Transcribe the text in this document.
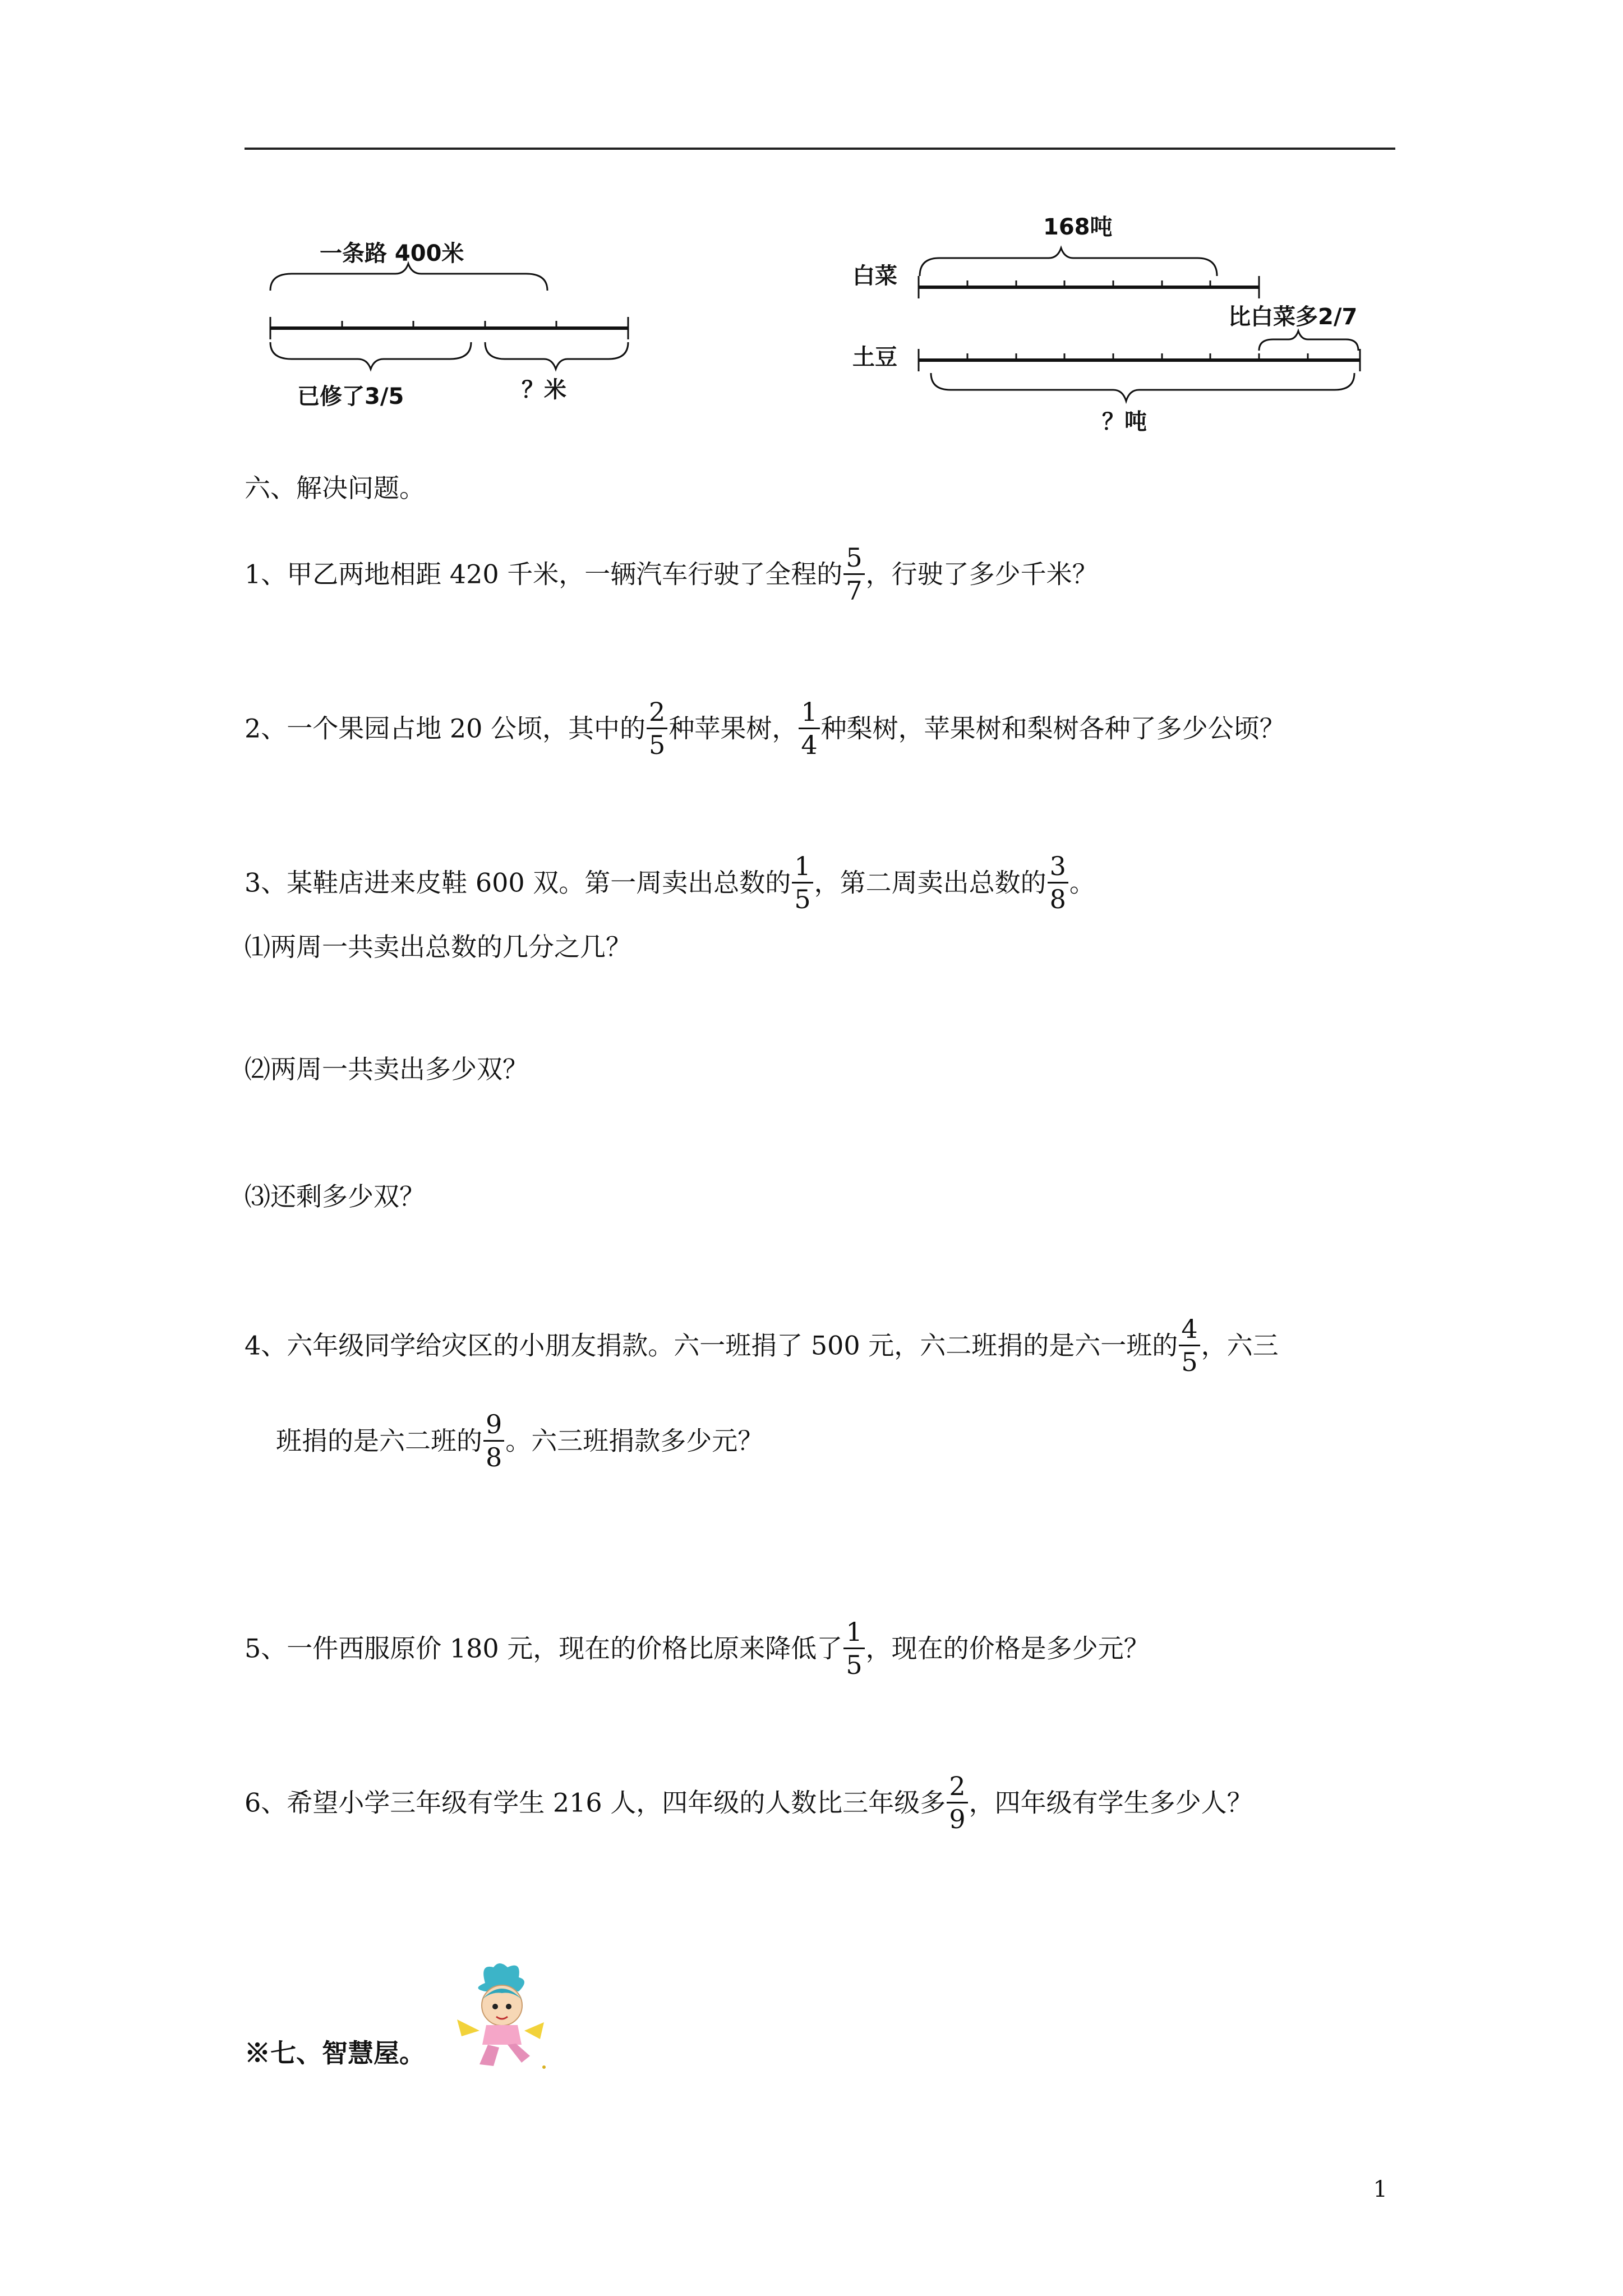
一条路 400米
已修了3/5	？米
168吨
白菜
比白菜多2/7
土豆
？吨
六、解决问题。
1、甲乙两地相距 420 千米，一辆汽车行驶了全程的 $\frac{5}{7}$ ，行驶了多少千米？
2、一个果园占地 20 公顷，其中的 $\frac{2}{5}$ 种苹果树， $\frac{1}{4}$ 种梨树，苹果树和梨树各种了多少公顷？
3、某鞋店进来皮鞋 600 双。第一周卖出总数的 $\frac{1}{5}$ ，第二周卖出总数的 $\frac{3}{8}$ 。
⑴两周一共卖出总数的几分之几？
⑵两周一共卖出多少双？
⑶还剩多少双？
4、六年级同学给灾区的小朋友捐款。六一班捐了 500 元，六二班捐的是六一班的 $\frac{4}{5}$ ，六三
班捐的是六二班的 $\frac{9}{8}$ 。六三班捐款多少元？
5、一件西服原价 180 元，现在的价格比原来降低了 $\frac{1}{5}$ ，现在的价格是多少元？
6、希望小学三年级有学生 216 人，四年级的人数比三年级多 $\frac{2}{9}$ ，四年级有学生多少人？
※七、智慧屋。
1
